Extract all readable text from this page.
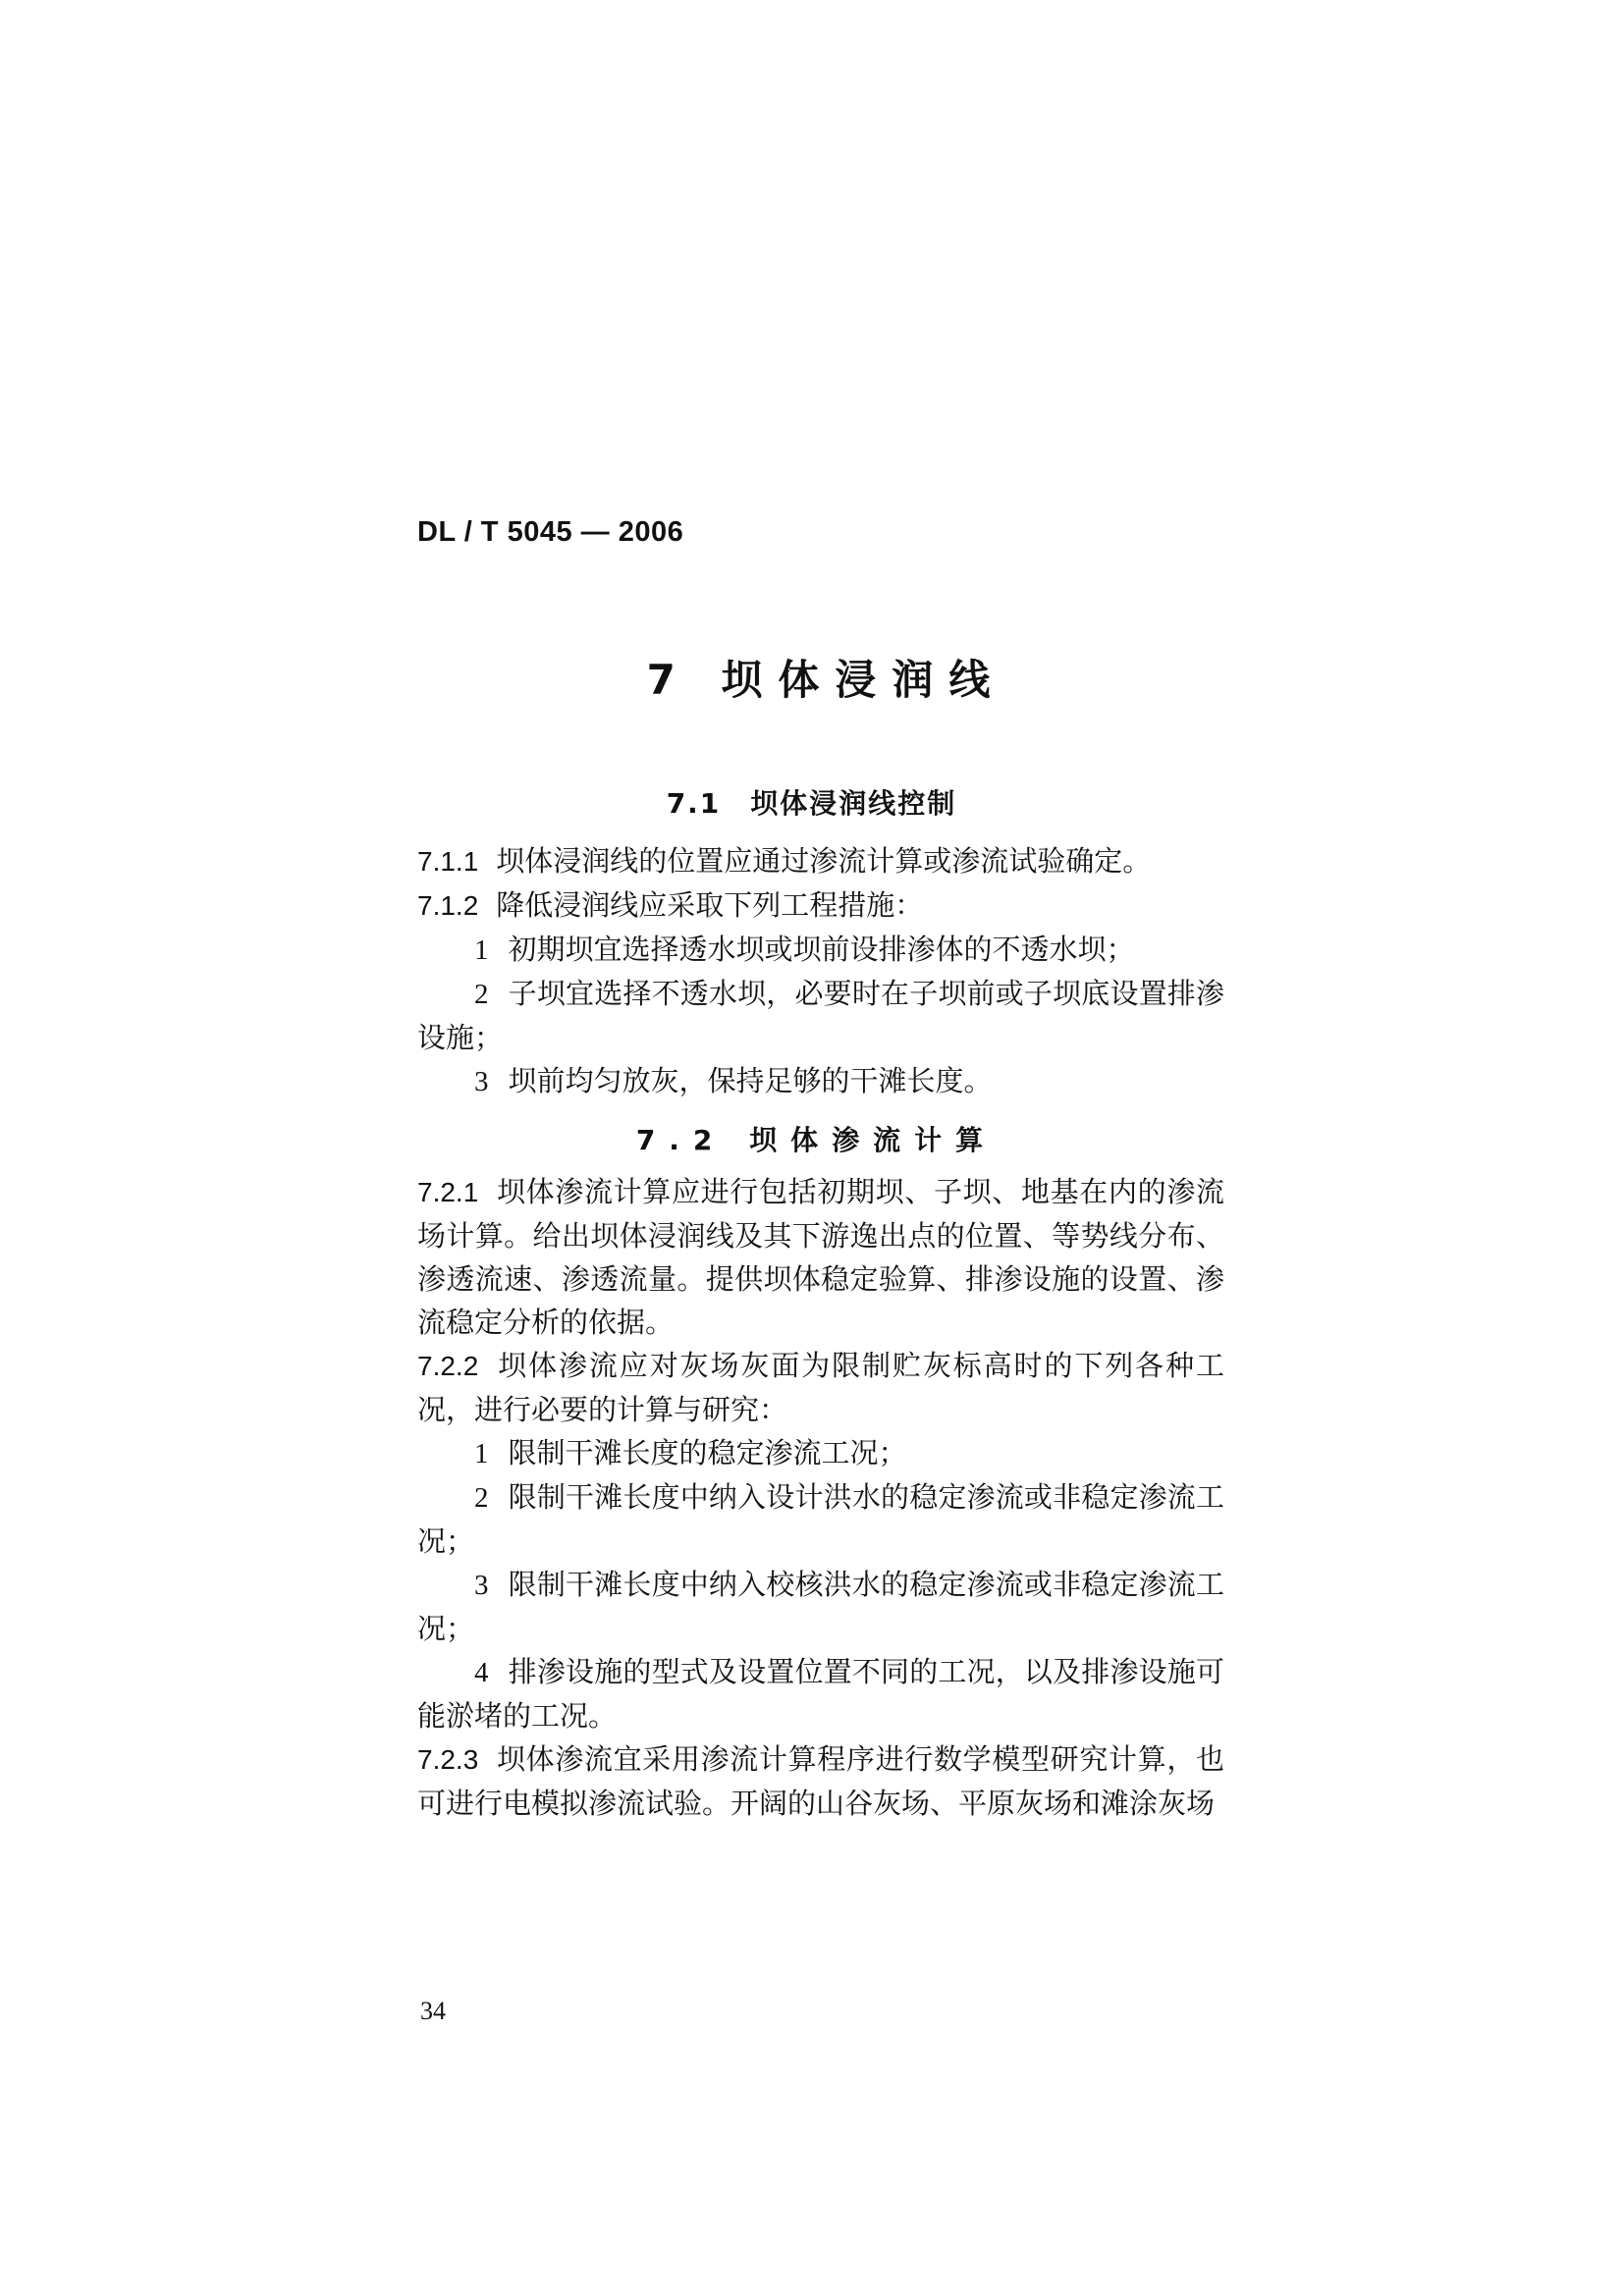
DL / T 5045 — 2006
7 坝体浸润线
7.1　坝体浸润线控制

7.1.1 坝体浸润线的位置应通过渗流计算或渗流试验确定。

7.1.2 降低浸润线应采取下列工程措施：

1 初期坝宜选择透水坝或坝前设排渗体的不透水坝；

2 子坝宜选择不透水坝，必要时在子坝前或子坝底设置排渗设施；

3 坝前均匀放灰，保持足够的干滩长度。

7.2.1 坝体渗流计算应进行包括初期坝、子坝、地基在内的渗流场计算。给出坝体浸润线及其下游逸出点的位置、等势线分布、渗透流速、渗透流量。提供坝体稳定验算、排渗设施的设置、渗流稳定分析的依据。

7.2.2 坝体渗流应对灰场灰面为限制贮灰标高时的下列各种工况，进行必要的计算与研究：

1 限制干滩长度的稳定渗流工况；

2 限制干滩长度中纳入设计洪水的稳定渗流或非稳定渗流工况；

3 限制干滩长度中纳入校核洪水的稳定渗流或非稳定渗流工况；

4 排渗设施的型式及设置位置不同的工况，以及排渗设施可能淤堵的工况。

7.2.3 坝体渗流宜采用渗流计算程序进行数学模型研究计算，也可进行电模拟渗流试验。开阔的山谷灰场、平原灰场和滩涂灰场

7.2 坝体渗流计算
34
